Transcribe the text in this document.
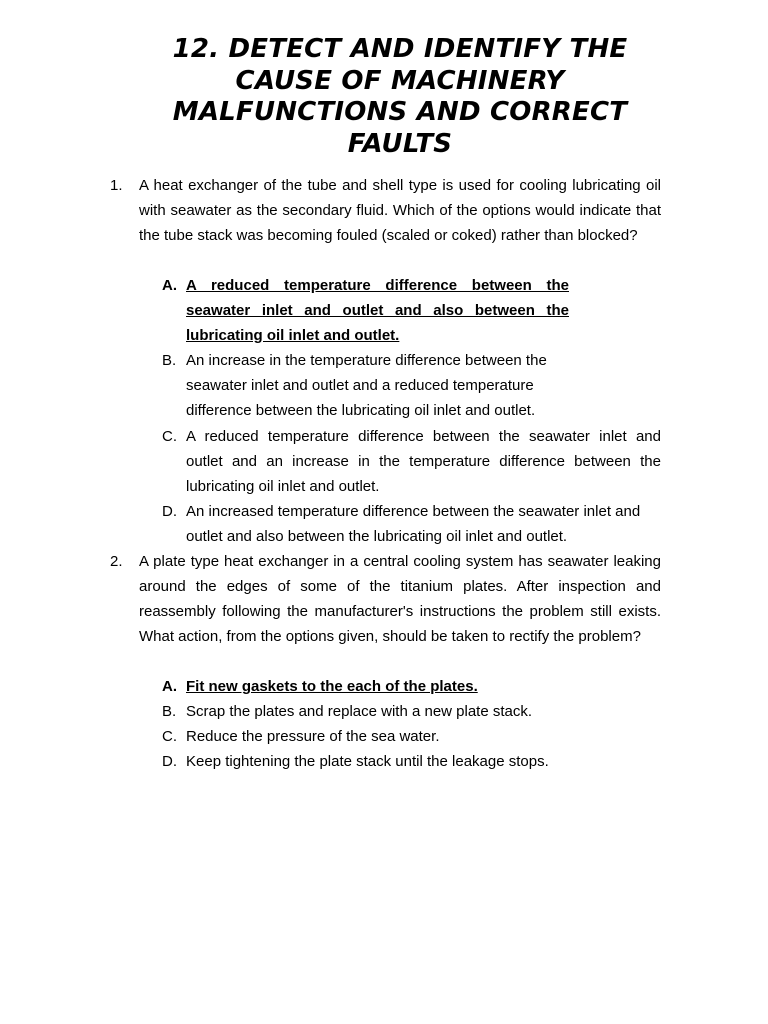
12. DETECT AND IDENTIFY THE
CAUSE OF MACHINERY
MALFUNCTIONS AND CORRECT
FAULTS
1. A heat exchanger of the tube and shell type is used for cooling lubricating oil with seawater as the secondary fluid. Which of the options would indicate that the tube stack was becoming fouled (scaled or coked) rather than blocked?
A. A reduced temperature difference between the seawater inlet and outlet and also between the lubricating oil inlet and outlet.
B. An increase in the temperature difference between the seawater inlet and outlet and a reduced temperature difference between the lubricating oil inlet and outlet.
C. A reduced temperature difference between the seawater inlet and outlet and an increase in the temperature difference between the lubricating oil inlet and outlet.
D. An increased temperature difference between the seawater inlet and outlet and also between the lubricating oil inlet and outlet.
2. A plate type heat exchanger in a central cooling system has seawater leaking around the edges of some of the titanium plates. After inspection and reassembly following the manufacturer's instructions the problem still exists. What action, from the options given, should be taken to rectify the problem?
A. Fit new gaskets to the each of the plates.
B. Scrap the plates and replace with a new plate stack.
C. Reduce the pressure of the sea water.
D. Keep tightening the plate stack until the leakage stops.
